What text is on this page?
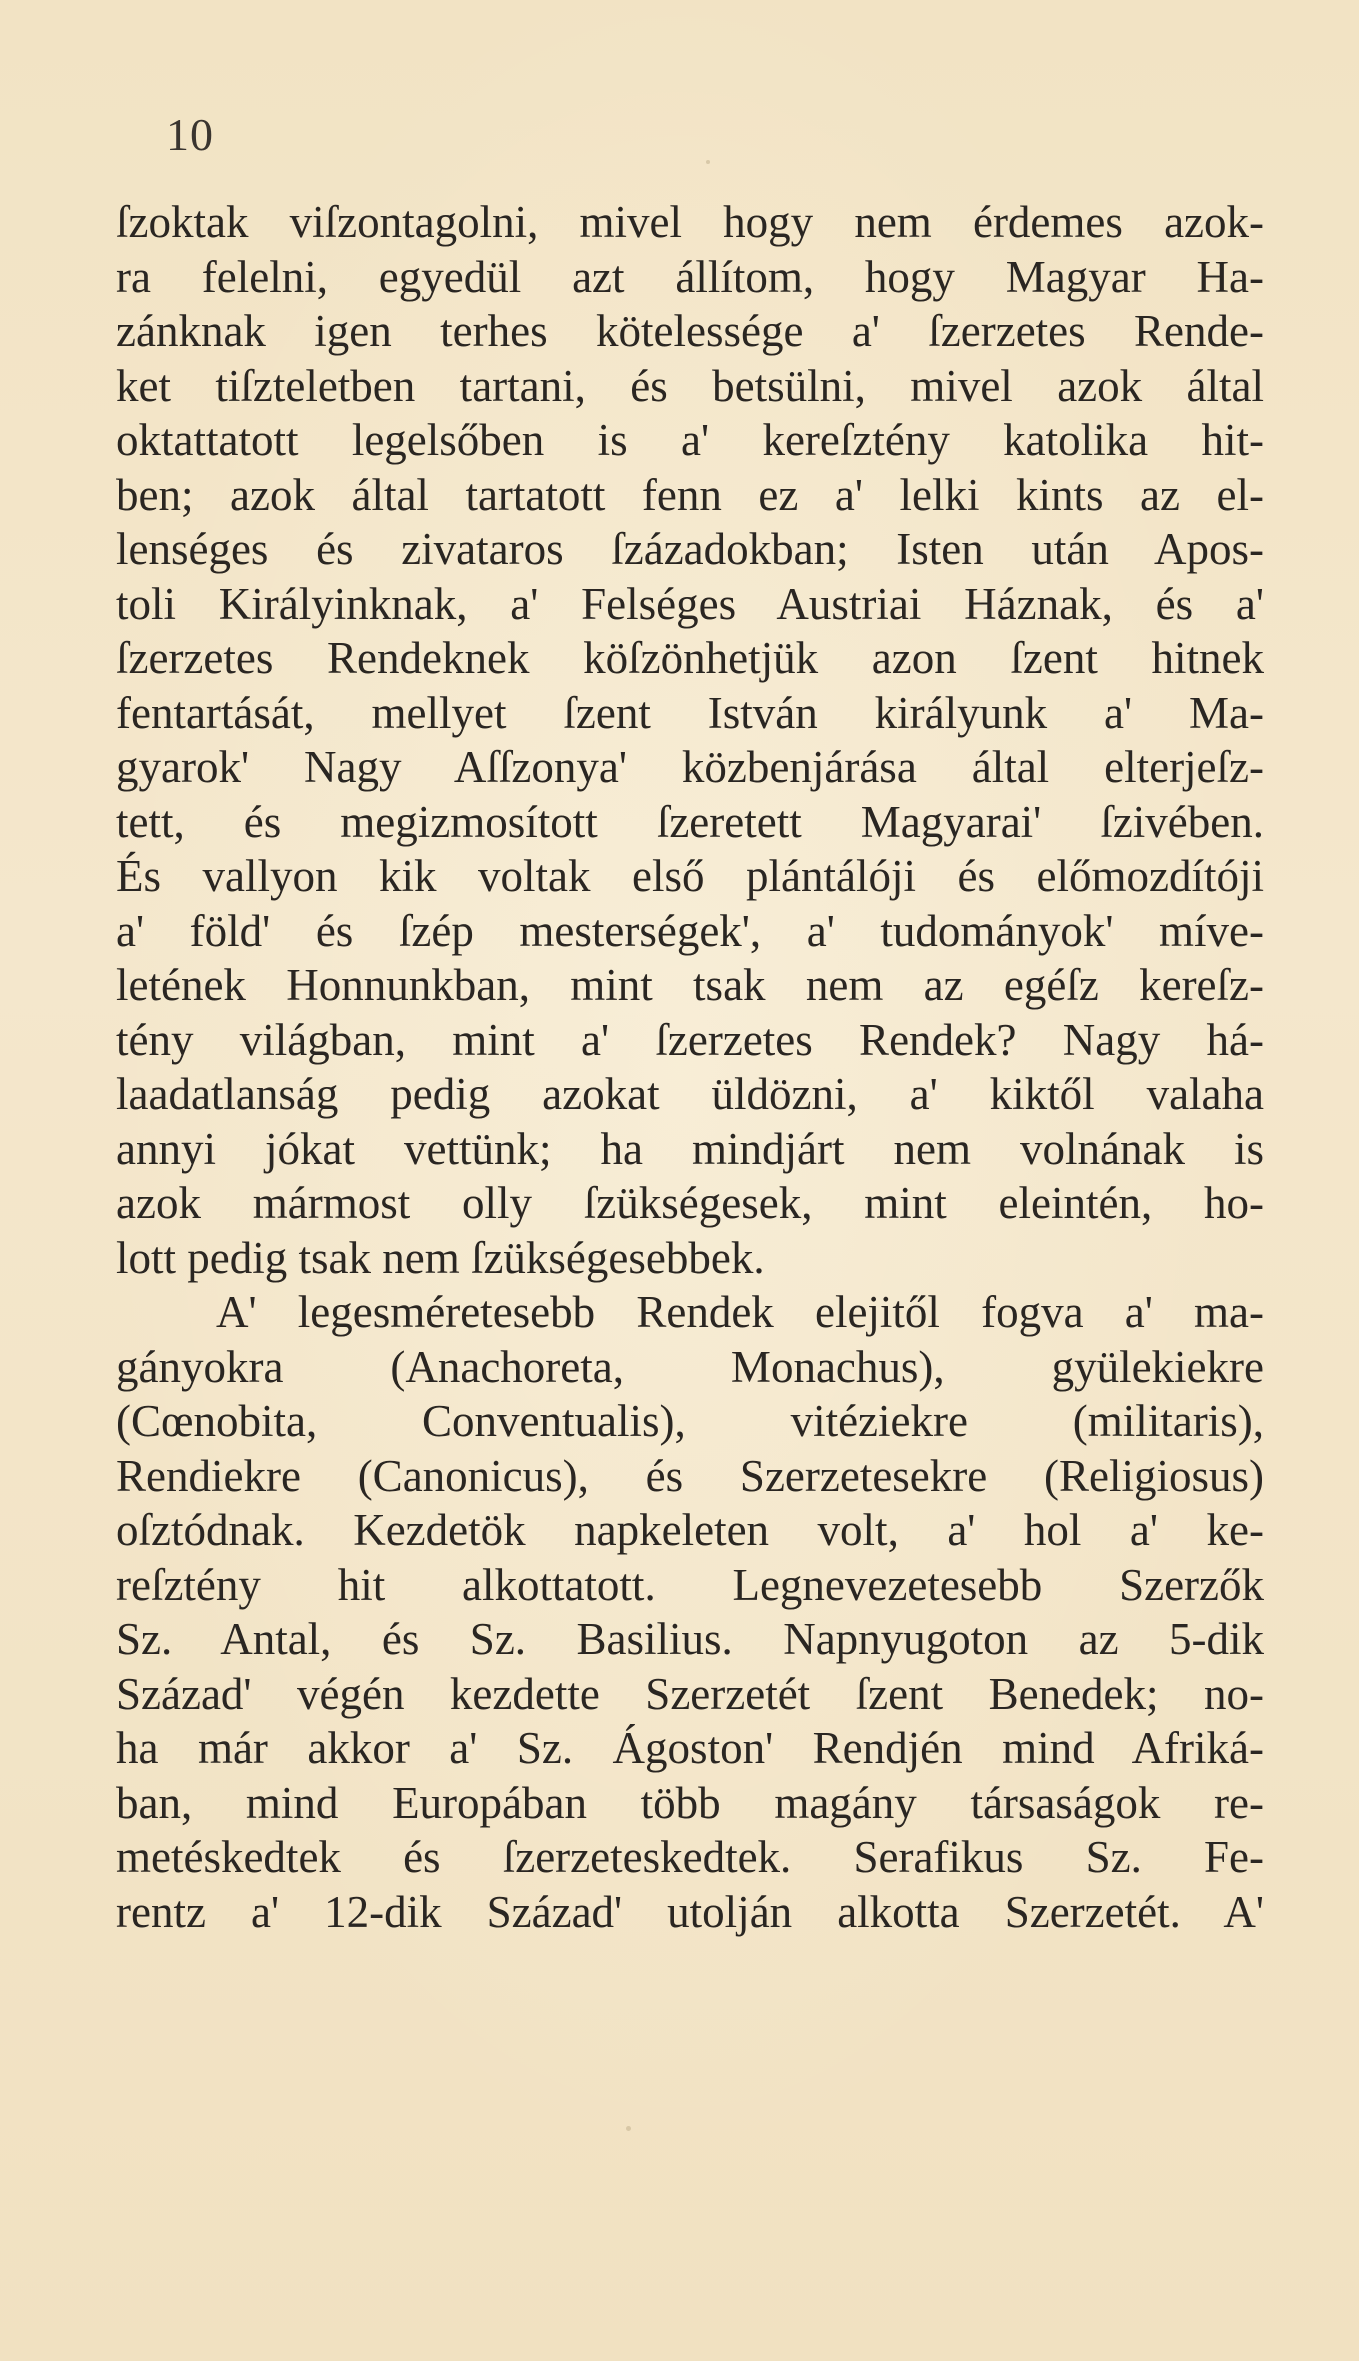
10
ſzoktak viſzontagolni, mivel hogy nem érdemes azok-
ra felelni, egyedül azt állítom, hogy Magyar Ha-
zánknak igen terhes kötelessége a' ſzerzetes Rende-
ket tiſzteletben tartani, és betsülni, mivel azok által
oktattatott legelsőben is a' kereſztény katolika hit-
ben; azok által tartatott fenn ez a' lelki kints az el-
lenséges és zivataros ſzázadokban; Isten után Apos-
toli Királyinknak, a' Felséges Austriai Háznak, és a'
ſzerzetes Rendeknek köſzönhetjük azon ſzent hitnek
fentartását, mellyet ſzent István királyunk a' Ma-
gyarok' Nagy Aſſzonya' közbenjárása által elterjeſz-
tett, és megizmosított ſzeretett Magyarai' ſzivében.
És vallyon kik voltak első plántálóji és előmozdítóji
a' föld' és ſzép mesterségek', a' tudományok' míve-
letének Honnunkban, mint tsak nem az egéſz kereſz-
tény világban, mint a' ſzerzetes Rendek? Nagy há-
laadatlanság pedig azokat üldözni, a' kiktől valaha
annyi jókat vettünk; ha mindjárt nem volnának is
azok mármost olly ſzükségesek, mint eleintén, ho-
lott pedig tsak nem ſzükségesebbek.
A' legesméretesebb Rendek elejitől fogva a' ma-
gányokra (Anachoreta, Monachus), gyülekiekre
(Cœnobita, Conventualis), vitéziekre (militaris),
Rendiekre (Canonicus), és Szerzetesekre (Religiosus)
oſztódnak. Kezdetök napkeleten volt, a' hol a' ke-
reſztény hit alkottatott. Legnevezetesebb Szerzők
Sz. Antal, és Sz. Basilius. Napnyugoton az 5-dik
Század' végén kezdette Szerzetét ſzent Benedek; no-
ha már akkor a' Sz. Ágoston' Rendjén mind Afriká-
ban, mind Europában több magány társaságok re-
metéskedtek és ſzerzeteskedtek. Serafikus Sz. Fe-
rentz a' 12-dik Század' utolján alkotta Szerzetét. A'
